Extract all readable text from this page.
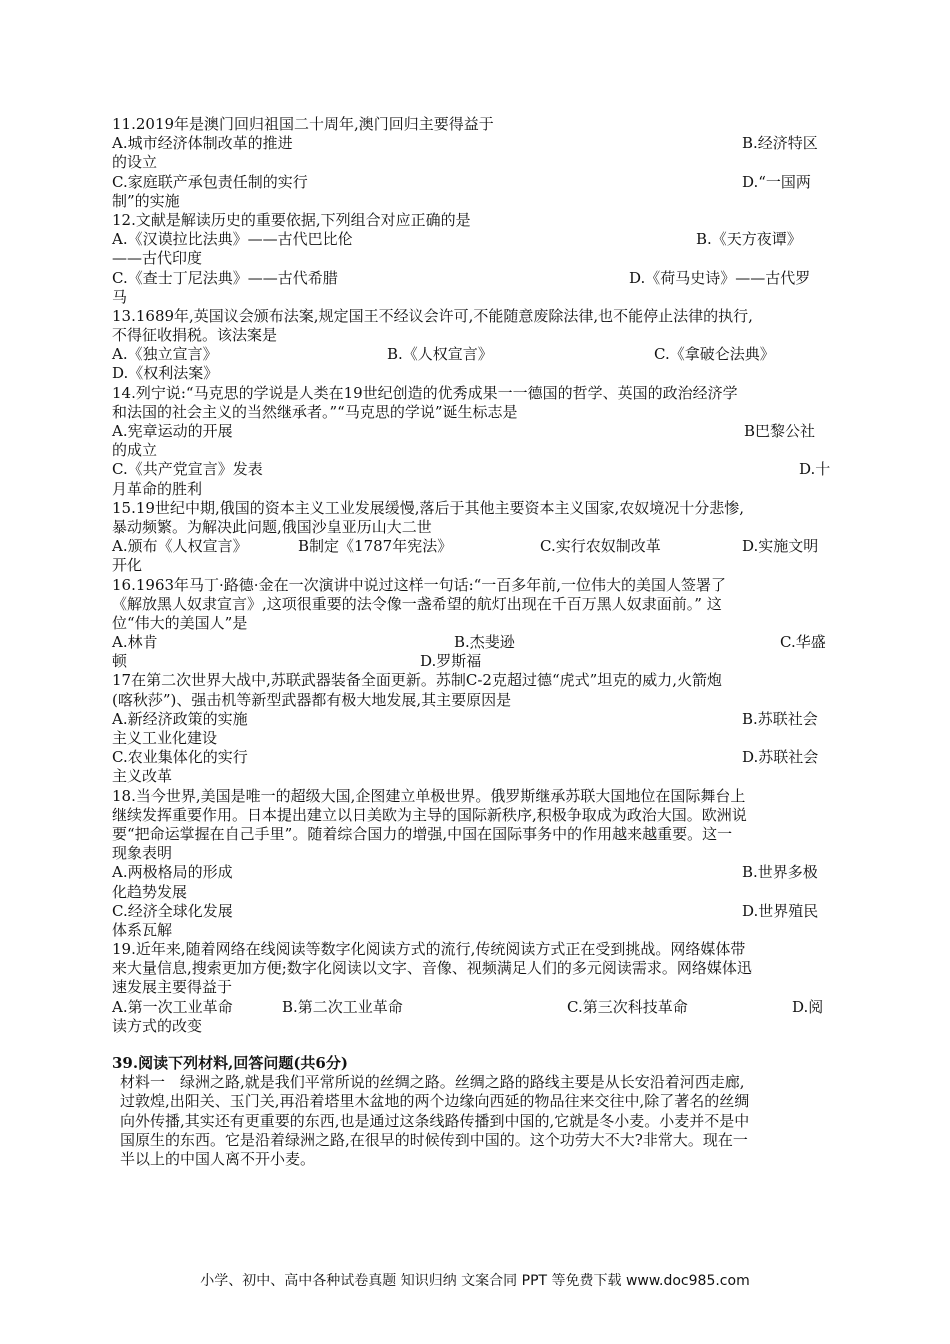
11.2019年是澳门回归祖国二十周年,澳门回归主要得益于
A.城市经济体制改革的推进	B.经济特区
的设立
C.家庭联产承包责任制的实行	D.“一国两
制”的实施
12.文献是解读历史的重要依据,下列组合对应正确的是
A.《汉谟拉比法典》——古代巴比伦	B.《天方夜谭》
——古代印度
C.《查士丁尼法典》——古代希腊	D.《荷马史诗》——古代罗
马
13.1689年,英国议会颁布法案,规定国王不经议会许可,不能随意废除法律,也不能停止法律的执行,
不得征收捐税。该法案是
A.《独立宣言》	B.《人权宣言》	C.《拿破仑法典》
D.《权利法案》
14.列宁说:“马克思的学说是人类在19世纪创造的优秀成果一一德国的哲学、英国的政治经济学
和法国的社会主义的当然继承者。”“马克思的学说”诞生标志是
A.宪章运动的开展	B巴黎公社
的成立
C.《共产党宣言》发表	D.十
月革命的胜利
15.19世纪中期,俄国的资本主义工业发展缓慢,落后于其他主要资本主义国家,农奴境况十分悲惨,
暴动频繁。为解决此问题,俄国沙皇亚历山大二世
A.颁布《人权宣言》	B制定《1787年宪法》	C.实行农奴制改革	D.实施文明
开化
16.1963年马丁·路德·金在一次演讲中说过这样一句话:“一百多年前,一位伟大的美国人签署了
《解放黑人奴隶宣言》,这项很重要的法令像一盏希望的航灯出现在千百万黑人奴隶面前。” 这
位“伟大的美国人”是
A.林肯	B.杰斐逊	C.华盛
顿	D.罗斯福
17在第二次世界大战中,苏联武器装备全面更新。苏制C-2克超过德“虎式”坦克的威力,火箭炮
(喀秋莎”)、强击机等新型武器都有极大地发展,其主要原因是
A.新经济政策的实施	B.苏联社会
主义工业化建设
C.农业集体化的实行	D.苏联社会
主义改革
18.当今世界,美国是唯一的超级大国,企图建立单极世界。俄罗斯继承苏联大国地位在国际舞台上
继续发挥重要作用。日本提出建立以日美欧为主导的国际新秩序,积极争取成为政治大国。欧洲说
要“把命运掌握在自己手里”。随着综合国力的增强,中国在国际事务中的作用越来越重要。这一
现象表明
A.两极格局的形成	B.世界多极
化趋势发展
C.经济全球化发展	D.世界殖民
体系瓦解
19.近年来,随着网络在线阅读等数字化阅读方式的流行,传统阅读方式正在受到挑战。网络媒体带
来大量信息,搜索更加方便;数字化阅读以文字、音像、视频满足人们的多元阅读需求。网络媒体迅
速发展主要得益于
A.第一次工业革命	B.第二次工业革命	C.第三次科技革命	D.阅
读方式的改变
39.阅读下列材料,回答问题(共6分)
材料一　绿洲之路,就是我们平常所说的丝绸之路。丝绸之路的路线主要是从长安沿着河西走廊,
过敦煌,出阳关、玉门关,再沿着塔里木盆地的两个边缘向西延的物品往来交往中,除了著名的丝绸
向外传播,其实还有更重要的东西,也是通过这条线路传播到中国的,它就是冬小麦。小麦并不是中
国原生的东西。它是沿着绿洲之路,在很早的时候传到中国的。这个功劳大不大?非常大。现在一
半以上的中国人离不开小麦。
小学、初中、高中各种试卷真题 知识归纳 文案合同 PPT 等免费下载 www.doc985.com
